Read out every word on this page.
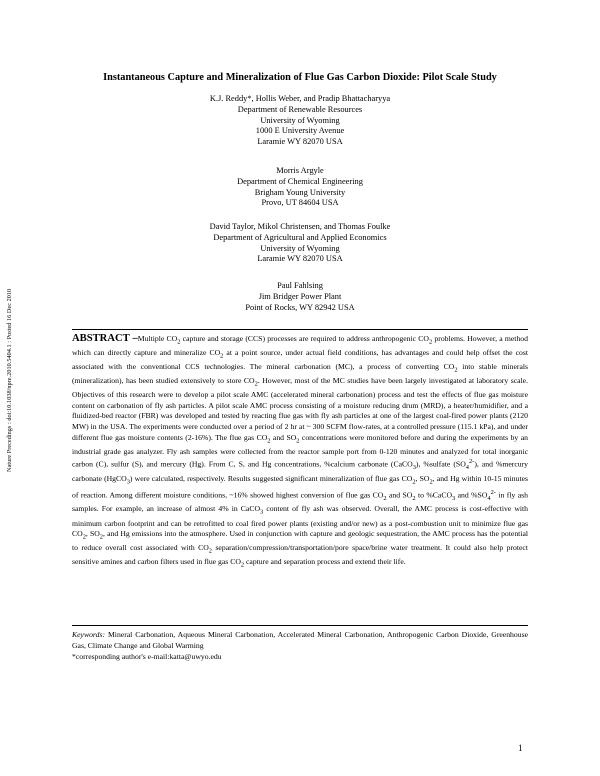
Nature Precedings : doi:10.1038/npre.2010.5404.1 : Posted 16 Dec 2010
Instantaneous Capture and Mineralization of Flue Gas Carbon Dioxide: Pilot Scale Study
K.J. Reddy*, Hollis Weber, and Pradip Bhattacharyya
Department of Renewable Resources
University of Wyoming
1000 E University Avenue
Laramie WY 82070 USA
Morris Argyle
Department of Chemical Engineering
Brigham Young University
Provo, UT 84604 USA
David Taylor, Mikol Christensen, and Thomas Foulke
Department of Agricultural and Applied Economics
University of Wyoming
Laramie WY 82070 USA
Paul Fahlsing
Jim Bridger Power Plant
Point of Rocks, WY 82942 USA
ABSTRACT –Multiple $CO_2$ capture and storage (CCS) processes are required to address anthropogenic $CO_2$ problems. However, a method which can directly capture and mineralize $CO_2$ at a point source, under actual field conditions, has advantages and could help offset the cost associated with the conventional CCS technologies. The mineral carbonation (MC), a process of converting $CO_2$ into stable minerals (mineralization), has been studied extensively to store $CO_2$. However, most of the MC studies have been largely investigated at laboratory scale. Objectives of this research were to develop a pilot scale AMC (accelerated mineral carbonation) process and test the effects of flue gas moisture content on carbonation of fly ash particles. A pilot scale AMC process consisting of a moisture reducing drum (MRD), a heater/humidifier, and a fluidized-bed reactor (FBR) was developed and tested by reacting flue gas with fly ash particles at one of the largest coal-fired power plants (2120 MW) in the USA. The experiments were conducted over a period of 2 hr at ~ 300 SCFM flow-rates, at a controlled pressure (115.1 kPa), and under different flue gas moisture contents (2-16%). The flue gas $CO_2$ and $SO_2$ concentrations were monitored before and during the experiments by an industrial grade gas analyzer. Fly ash samples were collected from the reactor sample port from 0-120 minutes and analyzed for total inorganic carbon (C), sulfur (S), and mercury (Hg). From C, S, and Hg concentrations, %calcium carbonate (CaCO$_3$), %sulfate $(SO_4^{2-})$, and %mercury carbonate (HgCO$_3$) were calculated, respectively. Results suggested significant mineralization of flue gas $CO_2$, $SO_2$, and Hg within 10-15 minutes of reaction. Among different moisture conditions, ~16% showed highest conversion of flue gas $CO_2$ and $SO_2$ to %CaCO$_3$ and $\%SO_4^{2-}$ in fly ash samples. For example, an increase of almost 4% in CaCO$_3$ content of fly ash was observed. Overall, the AMC process is cost-effective with minimum carbon footprint and can be retrofitted to coal fired power plants (existing and/or new) as a post-combustion unit to minimize flue gas $CO_2$, $SO_2$, and Hg emissions into the atmosphere. Used in conjunction with capture and geologic sequestration, the AMC process has the potential to reduce overall cost associated with $CO_2$ separation/compression/transportation/pore space/brine water treatment. It could also help protect sensitive amines and carbon filters used in flue gas $CO_2$ capture and separation process and extend their life.
Keywords: Mineral Carbonation, Aqueous Mineral Carbonation, Accelerated Mineral Carbonation, Anthropogenic Carbon Dioxide, Greenhouse Gas, Climate Change and Global Warming
*corresponding author's e-mail:katta@uwyo.edu
1
